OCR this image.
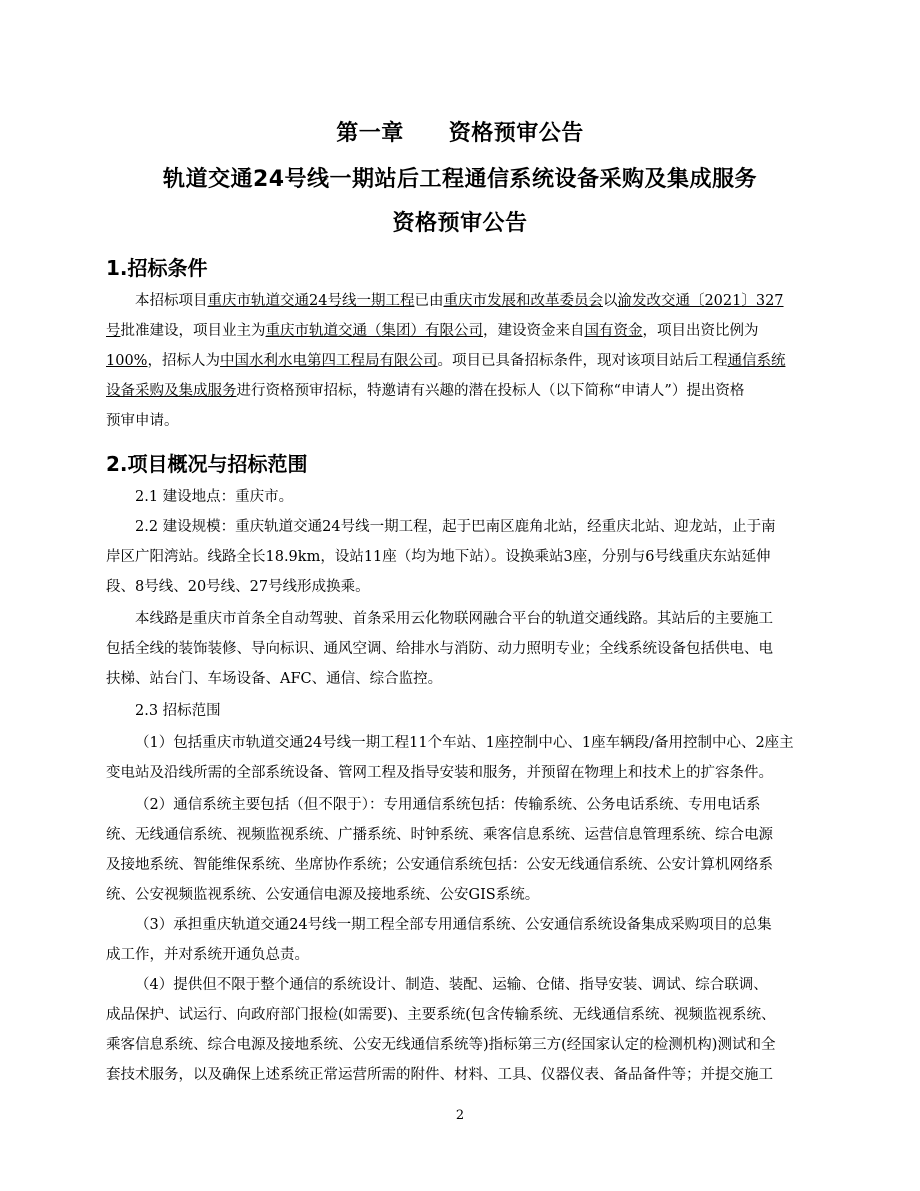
第一章　　资格预审公告
轨道交通24号线一期站后工程通信系统设备采购及集成服务
资格预审公告
1.招标条件
本招标项目重庆市轨道交通24号线一期工程已由重庆市发展和改革委员会以渝发改交通〔2021〕327
号批准建设，项目业主为重庆市轨道交通（集团）有限公司，建设资金来自国有资金，项目出资比例为
100%，招标人为中国水利水电第四工程局有限公司。项目已具备招标条件，现对该项目站后工程通信系统
设备采购及集成服务进行资格预审招标，特邀请有兴趣的潜在投标人（以下简称“申请人”）提出资格
预审申请。
2.项目概况与招标范围
2.1 建设地点：重庆市。
2.2 建设规模：重庆轨道交通24号线一期工程，起于巴南区鹿角北站，经重庆北站、迎龙站，止于南
岸区广阳湾站。线路全长18.9km，设站11座（均为地下站）。设换乘站3座，分别与6号线重庆东站延伸
段、8号线、20号线、27号线形成换乘。
本线路是重庆市首条全自动驾驶、首条采用云化物联网融合平台的轨道交通线路。其站后的主要施工
包括全线的装饰装修、导向标识、通风空调、给排水与消防、动力照明专业；全线系统设备包括供电、电
扶梯、站台门、车场设备、AFC、通信、综合监控。
2.3 招标范围
（1）包括重庆市轨道交通24号线一期工程11个车站、1座控制中心、1座车辆段/备用控制中心、2座主
变电站及沿线所需的全部系统设备、管网工程及指导安装和服务，并预留在物理上和技术上的扩容条件。
（2）通信系统主要包括（但不限于）：专用通信系统包括：传输系统、公务电话系统、专用电话系
统、无线通信系统、视频监视系统、广播系统、时钟系统、乘客信息系统、运营信息管理系统、综合电源
及接地系统、智能维保系统、坐席协作系统；公安通信系统包括：公安无线通信系统、公安计算机网络系
统、公安视频监视系统、公安通信电源及接地系统、公安GIS系统。
（3）承担重庆轨道交通24号线一期工程全部专用通信系统、公安通信系统设备集成采购项目的总集
成工作，并对系统开通负总责。
（4）提供但不限于整个通信的系统设计、制造、装配、运输、仓储、指导安装、调试、综合联调、
成品保护、试运行、向政府部门报检(如需要)、主要系统(包含传输系统、无线通信系统、视频监视系统、
乘客信息系统、综合电源及接地系统、公安无线通信系统等)指标第三方(经国家认定的检测机构)测试和全
套技术服务，以及确保上述系统正常运营所需的附件、材料、工具、仪器仪表、备品备件等；并提交施工
2
